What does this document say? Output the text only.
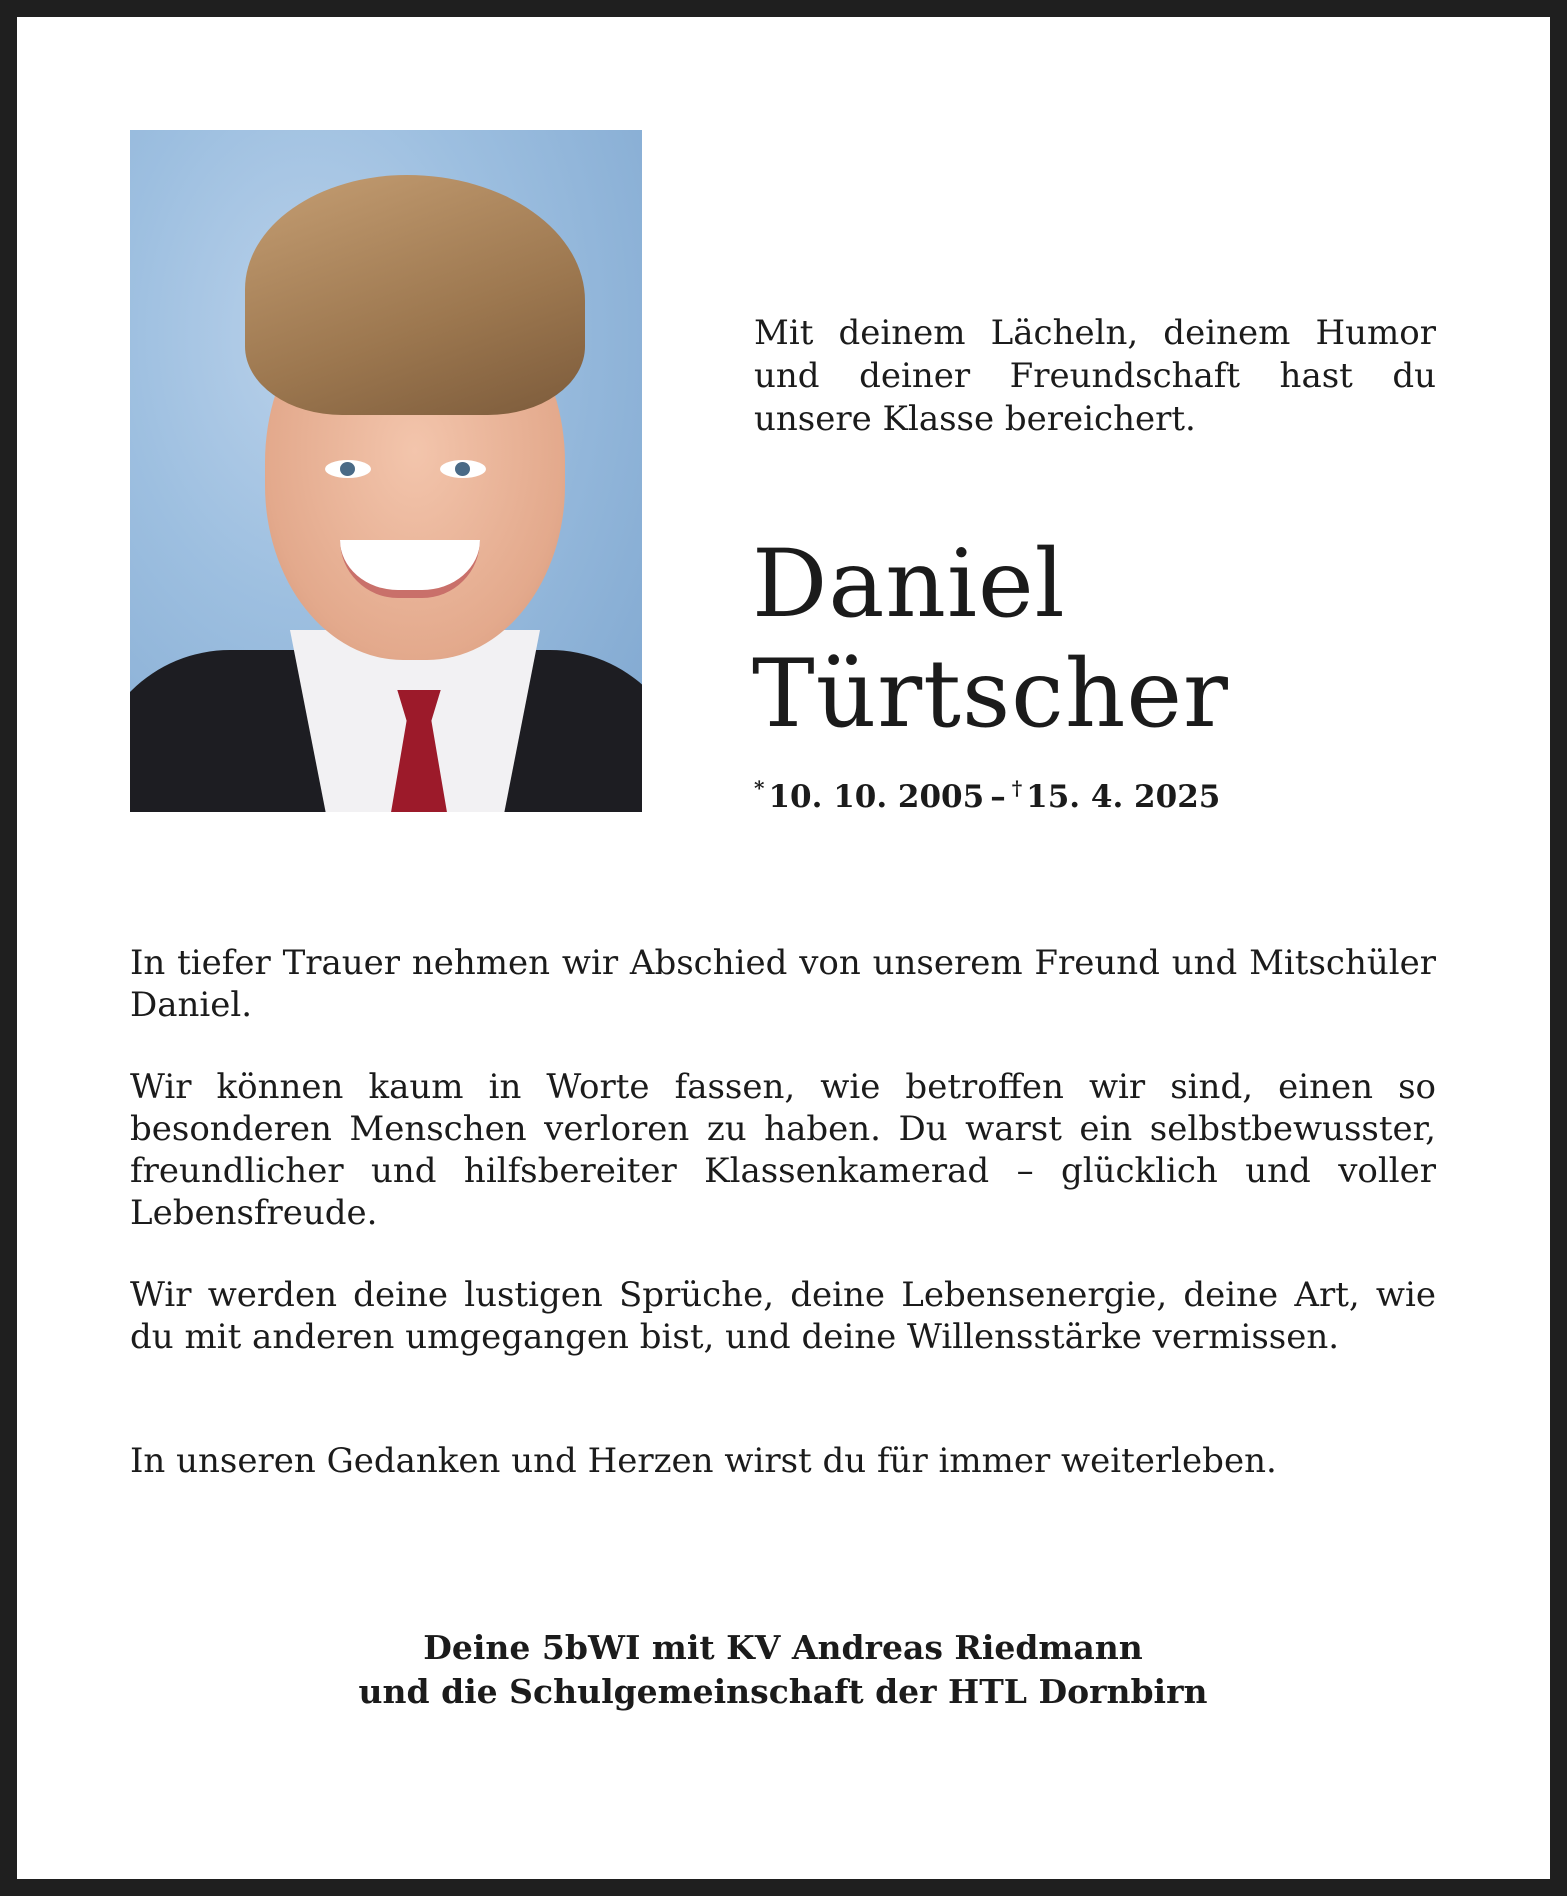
Mit deinem Lächeln, deinem Humor und deiner Freundschaft hast du unsere Klasse bereichert.

Daniel
Türtscher

* 10. 10. 2005 – † 15. 4. 2025

In tiefer Trauer nehmen wir Abschied von unserem Freund und Mitschüler Daniel.

Wir können kaum in Worte fassen, wie betroffen wir sind, einen so besonderen Menschen verloren zu haben. Du warst ein selbstbewusster, freundlicher und hilfsbereiter Klassenkamerad – glücklich und voller Lebensfreude.

Wir werden deine lustigen Sprüche, deine Lebensenergie, deine Art, wie du mit anderen umgegangen bist, und deine Willensstärke vermissen.

In unseren Gedanken und Herzen wirst du für immer weiterleben.

Deine 5bWI mit KV Andreas Riedmann
und die Schulgemeinschaft der HTL Dornbirn
